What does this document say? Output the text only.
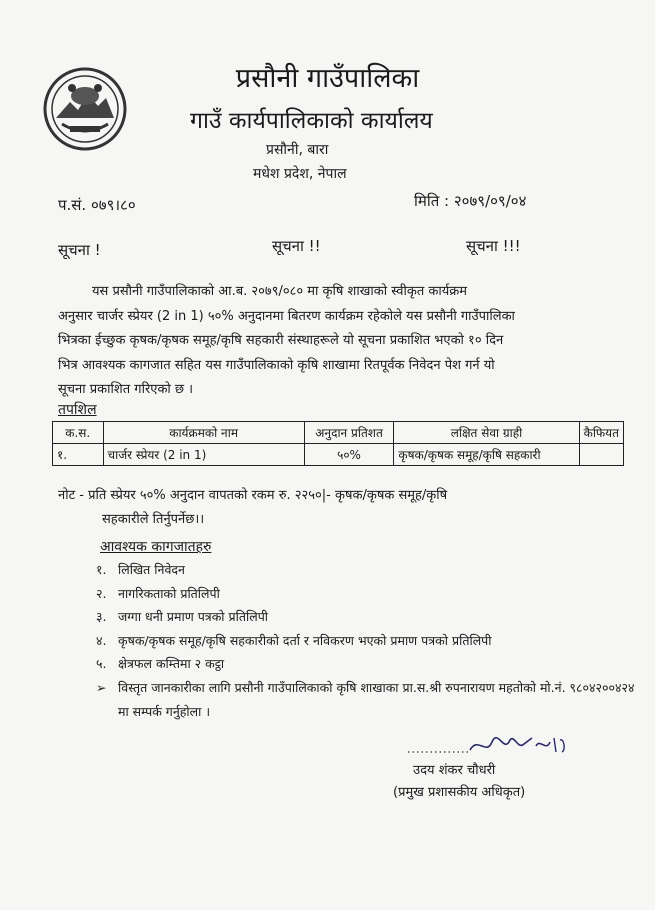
प्रसौनी गाउँपालिका
गाउँ कार्यपालिकाको कार्यालय
प्रसौनी, बारा
मधेश प्रदेश, नेपाल
प.सं. ०७९।८०	मिति : २०७९/०९/०४
सूचना !	सूचना !!	सूचना !!!
यस प्रसौनी गाउँपालिकाको आ.ब. २०७९/०८० मा कृषि शाखाको स्वीकृत कार्यक्रम
अनुसार चार्जर स्प्रेयर (2 in 1) ५०% अनुदानमा बितरण कार्यक्रम रहेकोले यस प्रसौनी गाउँपालिका
भित्रका ईच्छुक कृषक/कृषक समूह/कृषि सहकारी संस्थाहरूले यो सूचना प्रकाशित भएको १० दिन
भित्र आवश्यक कागजात सहित यस गाउँपालिकाको कृषि शाखामा रितपूर्वक निवेदन पेश गर्न यो
सूचना प्रकाशित गरिएको छ ।
तपशिल
क.स.	कार्यक्रमको नाम	अनुदान प्रतिशत	लक्षित सेवा ग्राही	कैफियत
१.	चार्जर स्प्रेयर (2 in 1)	५०%	कृषक/कृषक समूह/कृषि सहकारी	
नोट - प्रति स्प्रेयर ५०% अनुदान वापतको रकम रु. २२५०|- कृषक/कृषक समूह/कृषि
सहकारीले तिर्नुपर्नेछ।।
आवश्यक कागजातहरु
१. लिखित निवेदन
२. नागरिकताको प्रतिलिपी
३. जग्गा धनी प्रमाण पत्रको प्रतिलिपी
४. कृषक/कृषक समूह/कृषि सहकारीको दर्ता र नविकरण भएको प्रमाण पत्रको प्रतिलिपी
५. क्षेत्रफल कम्तिमा २ कट्ठा
➢ विस्तृत जानकारीका लागि प्रसौनी गाउँपालिकाको कृषि शाखाका प्रा.स.श्री रुपनारायण महतोको मो.नं. ९८०४२००४२४ मा सम्पर्क गर्नुहोला ।
उदय शंकर चौधरी
(प्रमुख प्रशासकीय अधिकृत)
